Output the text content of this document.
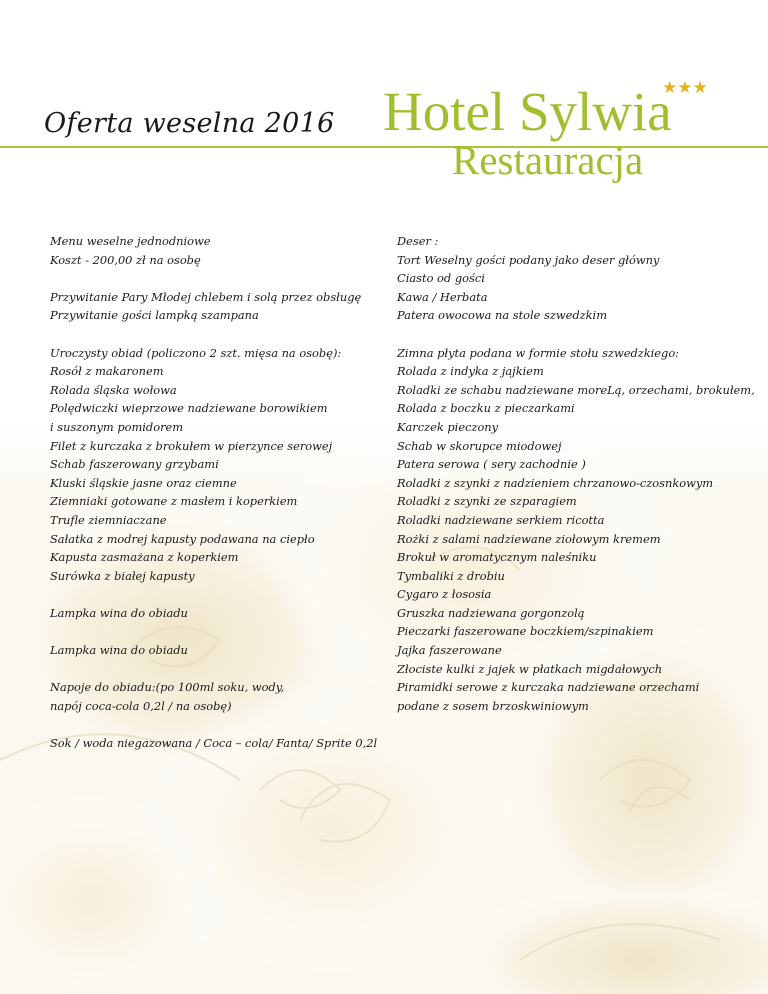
Oferta weselna 2016 Hotel Sylwia
★★★
Restauracja
Menu weselne jednodniowe
Koszt - 200,00 zł na osobę
Przywitanie Pary Młodej chlebem i solą przez obsługę
Przywitanie gości lampką szampana
Uroczysty obiad (policzono 2 szt. mięsa na osobę):
Rosół z makaronem
Rolada śląska wołowa
Polędwiczki wieprzowe nadziewane borowikiem
i suszonym pomidorem
Filet z kurczaka z brokułem w pierzynce serowej
Schab faszerowany grzybami
Kluski śląskie jasne oraz ciemne
Ziemniaki gotowane z masłem i koperkiem
Trufle ziemniaczane
Sałatka z modrej kapusty podawana na ciepło
Kapusta zasmażana z koperkiem
Surówka z białej kapusty
Lampka wina do obiadu
Lampka wina do obiadu
Napoje do obiadu:(po 100ml soku, wody,
napój coca-cola 0,2l / na osobę)
Sok / woda niegazowana / Coca – cola/ Fanta/ Sprite 0,2l
Deser :
Tort Weselny gości podany jako deser główny
Ciasto od gości
Kawa / Herbata
Patera owocowa na stole szwedzkim
Zimna płyta podana w formie stołu szwedzkiego:
Rolada z indyka z jajkiem
Roladki ze schabu nadziewane moreLą, orzechami, brokułem,
Rolada z boczku z pieczarkami
Karczek pieczony
Schab w skorupce miodowej
Patera serowa ( sery zachodnie )
Roladki z szynki z nadzieniem chrzanowo-czosnkowym
Roladki z szynki ze szparagiem
Roladki nadziewane serkiem ricotta
Rożki z salami nadziewane ziołowym kremem
Brokuł w aromatycznym naleśniku
Tymbaliki z drobiu
Cygaro z łososia
Gruszka nadziewana gorgonzolą
Pieczarki faszerowane boczkiem/szpinakiem
Jajka faszerowane
Złociste kulki z jajek w płatkach migdałowych
Piramidki serowe z kurczaka nadziewane orzechami
podane z sosem brzoskwiniowym
